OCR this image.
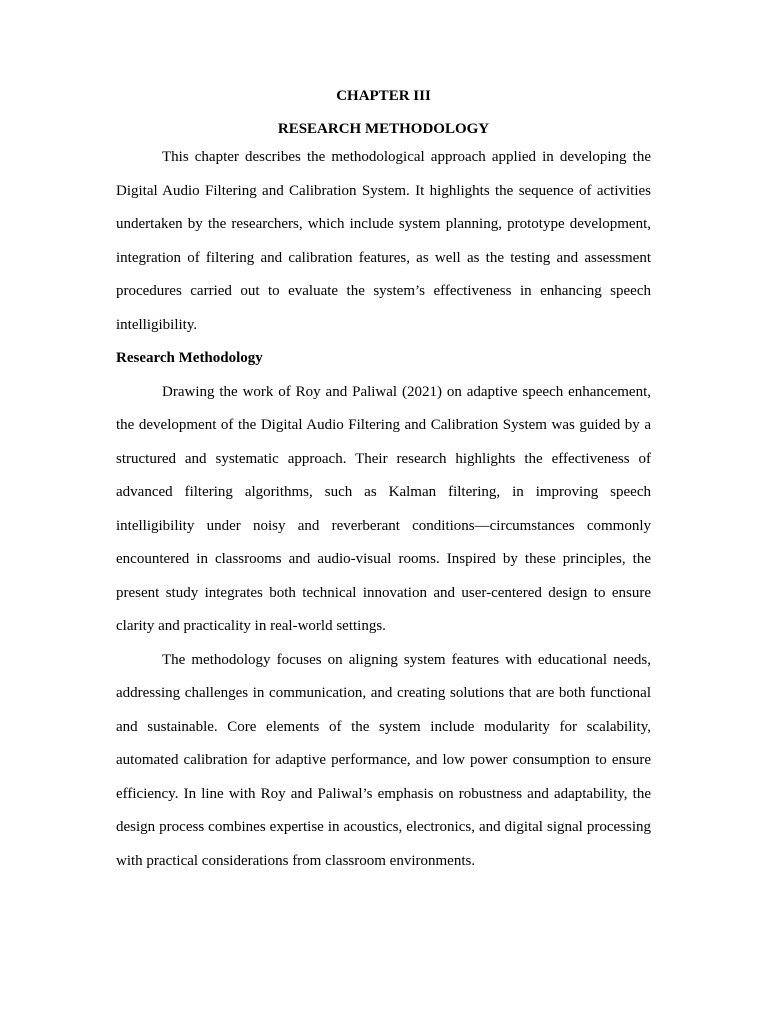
CHAPTER III

RESEARCH METHODOLOGY

This chapter describes the methodological approach applied in developing the Digital Audio Filtering and Calibration System. It highlights the sequence of activities undertaken by the researchers, which include system planning, prototype development, integration of filtering and calibration features, as well as the testing and assessment procedures carried out to evaluate the system’s effectiveness in enhancing speech intelligibility.

Research Methodology

Drawing the work of Roy and Paliwal (2021) on adaptive speech enhancement, the development of the Digital Audio Filtering and Calibration System was guided by a structured and systematic approach. Their research highlights the effectiveness of advanced filtering algorithms, such as Kalman filtering, in improving speech intelligibility under noisy and reverberant conditions—circumstances commonly encountered in classrooms and audio-visual rooms. Inspired by these principles, the present study integrates both technical innovation and user-centered design to ensure clarity and practicality in real-world settings.

The methodology focuses on aligning system features with educational needs, addressing challenges in communication, and creating solutions that are both functional and sustainable. Core elements of the system include modularity for scalability, automated calibration for adaptive performance, and low power consumption to ensure efficiency. In line with Roy and Paliwal’s emphasis on robustness and adaptability, the design process combines expertise in acoustics, electronics, and digital signal processing with practical considerations from classroom environments.
